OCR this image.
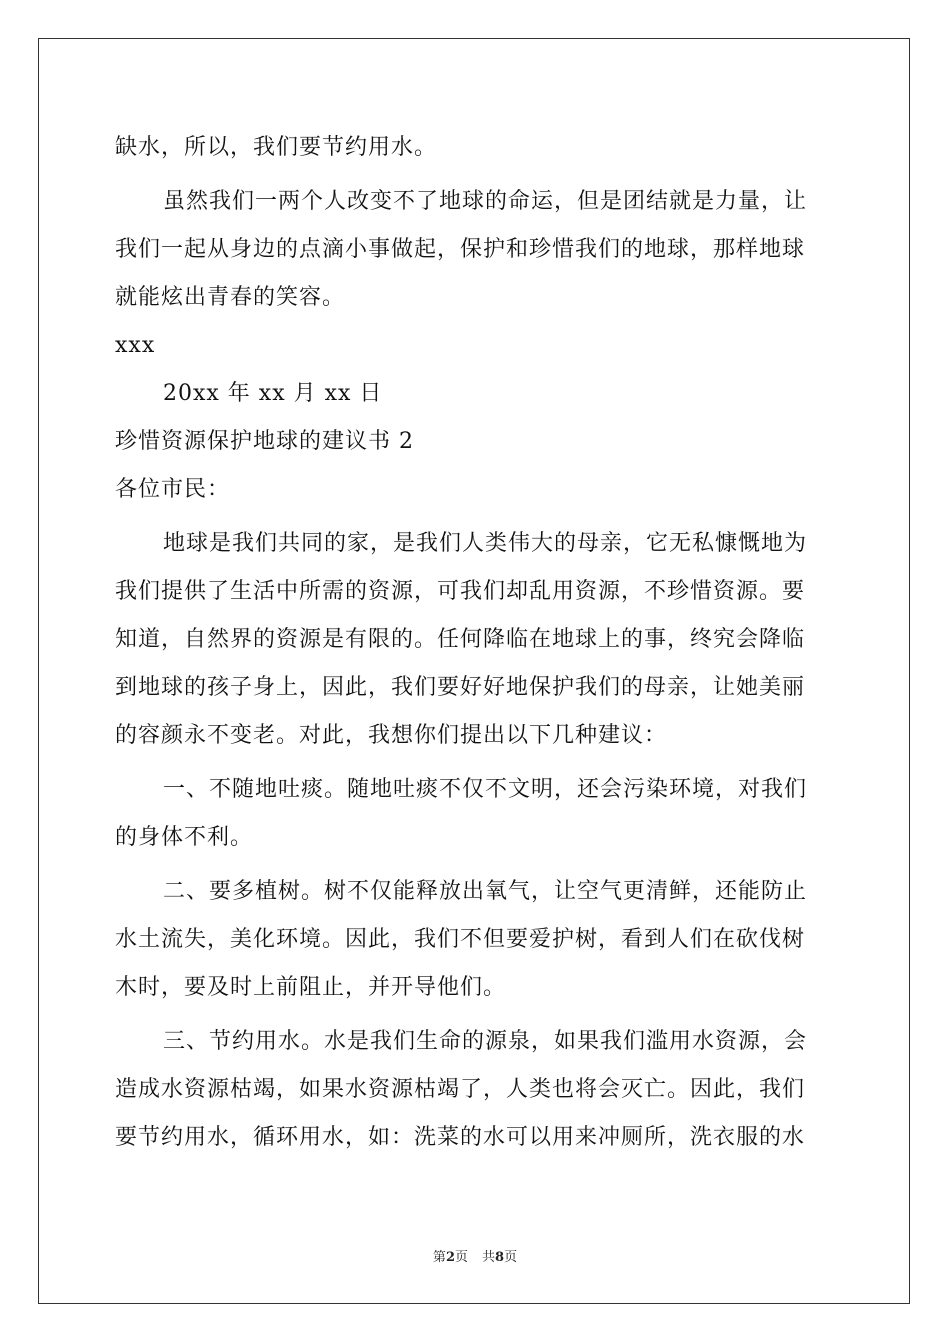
缺水，所以，我们要节约用水。
虽然我们一两个人改变不了地球的命运，但是团结就是力量，让
我们一起从身边的点滴小事做起，保护和珍惜我们的地球，那样地球
就能炫出青春的笑容。
xxx
20xx 年 xx 月 xx 日
珍惜资源保护地球的建议书 2
各位市民：
地球是我们共同的家，是我们人类伟大的母亲，它无私慷慨地为
我们提供了生活中所需的资源，可我们却乱用资源，不珍惜资源。要
知道，自然界的资源是有限的。任何降临在地球上的事，终究会降临
到地球的孩子身上，因此，我们要好好地保护我们的母亲，让她美丽
的容颜永不变老。对此，我想你们提出以下几种建议：
一、不随地吐痰。随地吐痰不仅不文明，还会污染环境，对我们
的身体不利。
二、要多植树。树不仅能释放出氧气，让空气更清鲜，还能防止
水土流失，美化环境。因此，我们不但要爱护树，看到人们在砍伐树
木时，要及时上前阻止，并开导他们。
三、节约用水。水是我们生命的源泉，如果我们滥用水资源，会
造成水资源枯竭，如果水资源枯竭了，人类也将会灭亡。因此，我们
要节约用水，循环用水，如：洗菜的水可以用来冲厕所，洗衣服的水
第2页 共8页
